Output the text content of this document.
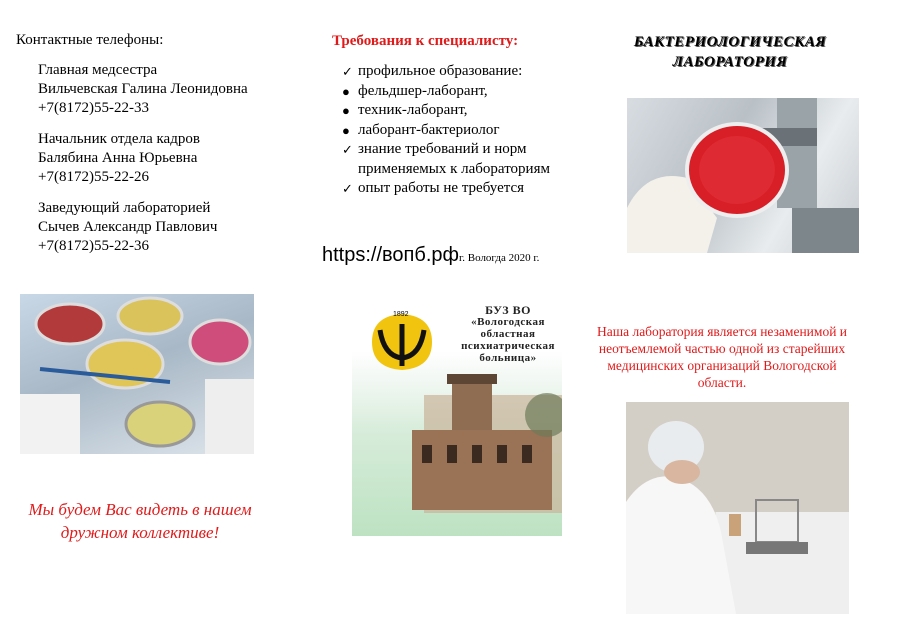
Контактные телефоны:
Главная медсестра
Вильчевская Галина Леонидовна
+7(8172)55-22-33
Начальник отдела кадров
Балябина Анна Юрьевна
+7(8172)55-22-26
Заведующий лабораторией
Сычев Александр Павлович
+7(8172)55-22-36
Мы будем Вас видеть в нашем дружном коллективе!
Требования к специалисту:
✓ профильное образование:
● фельдшер-лаборант,
● техник-лаборант,
● лаборант-бактериолог
✓ знание требований и норм применяемых к лабораториям
✓ опыт работы не требуется
https://вопб.рфг. Вологда 2020 г.
1892	БУЗ ВО
«Вологодская
областная
психиатрическая
больница»
БАКТЕРИОЛОГИЧЕСКАЯ
ЛАБОРАТОРИЯ
Наша лаборатория является незаменимой и неотъемлемой частью одной из старейших медицинских организаций Вологодской области.
